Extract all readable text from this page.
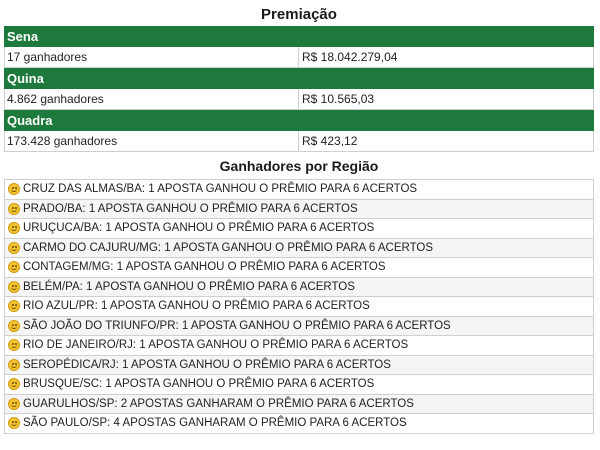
Premiação
Sena
17 ganhadores	R$ 18.042.279,04
Quina
4.862 ganhadores	R$ 10.565,03
Quadra
173.428 ganhadores	R$ 423,12
Ganhadores por Região
CRUZ DAS ALMAS/BA: 1 APOSTA GANHOU O PRÊMIO PARA 6 ACERTOS
PRADO/BA: 1 APOSTA GANHOU O PRÊMIO PARA 6 ACERTOS
URUÇUCA/BA: 1 APOSTA GANHOU O PRÊMIO PARA 6 ACERTOS
CARMO DO CAJURU/MG: 1 APOSTA GANHOU O PRÊMIO PARA 6 ACERTOS
CONTAGEM/MG: 1 APOSTA GANHOU O PRÊMIO PARA 6 ACERTOS
BELÉM/PA: 1 APOSTA GANHOU O PRÊMIO PARA 6 ACERTOS
RIO AZUL/PR: 1 APOSTA GANHOU O PRÊMIO PARA 6 ACERTOS
SÃO JOÃO DO TRIUNFO/PR: 1 APOSTA GANHOU O PRÊMIO PARA 6 ACERTOS
RIO DE JANEIRO/RJ: 1 APOSTA GANHOU O PRÊMIO PARA 6 ACERTOS
SEROPÉDICA/RJ: 1 APOSTA GANHOU O PRÊMIO PARA 6 ACERTOS
BRUSQUE/SC: 1 APOSTA GANHOU O PRÊMIO PARA 6 ACERTOS
GUARULHOS/SP: 2 APOSTAS GANHARAM O PRÊMIO PARA 6 ACERTOS
SÃO PAULO/SP: 4 APOSTAS GANHARAM O PRÊMIO PARA 6 ACERTOS
